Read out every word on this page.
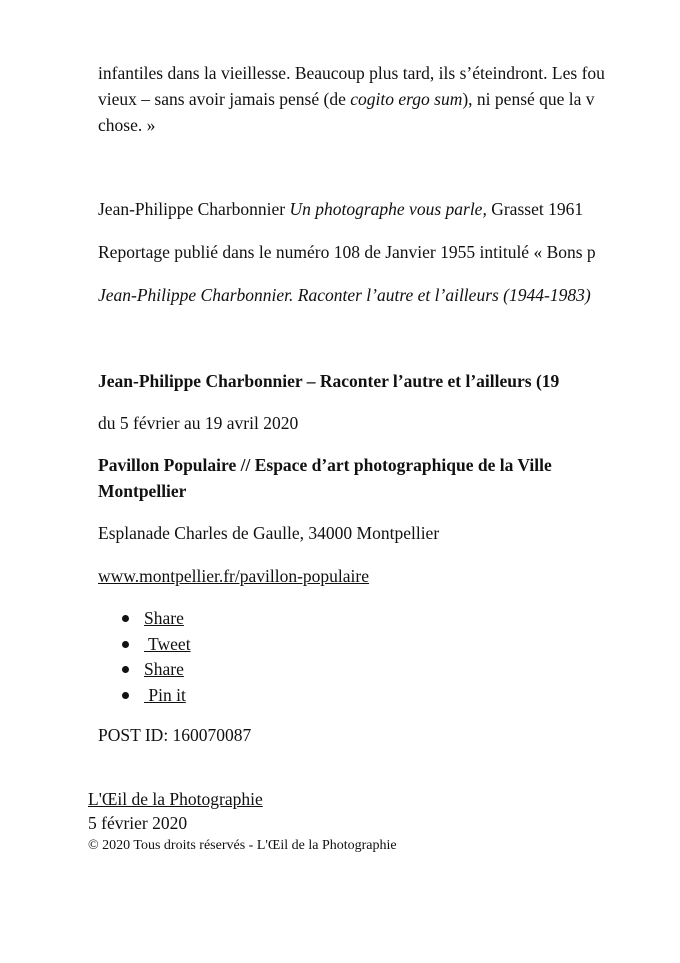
infantiles dans la vieillesse. Beaucoup plus tard, ils s’éteindront. Les fou

vieux – sans avoir jamais pensé (de cogito ergo sum), ni pensé que la v

chose. »

Jean-Philippe Charbonnier Un photographe vous parle, Grasset 1961

Reportage publié dans le numéro 108 de Janvier 1955 intitulé « Bons p

Jean-Philippe Charbonnier. Raconter l’autre et l’ailleurs (1944-1983)

Jean-Philippe Charbonnier – Raconter l’autre et l’ailleurs (19

du 5 février au 19 avril 2020

Pavillon Populaire // Espace d’art photographique de la Ville

Montpellier

Esplanade Charles de Gaulle, 34000 Montpellier

www.montpellier.fr/pavillon-populaire

Share
Tweet
Share
Pin it

POST ID: 160070087

L'Œil de la Photographie
5 février 2020
© 2020 Tous droits réservés - L'Œil de la Photographie
